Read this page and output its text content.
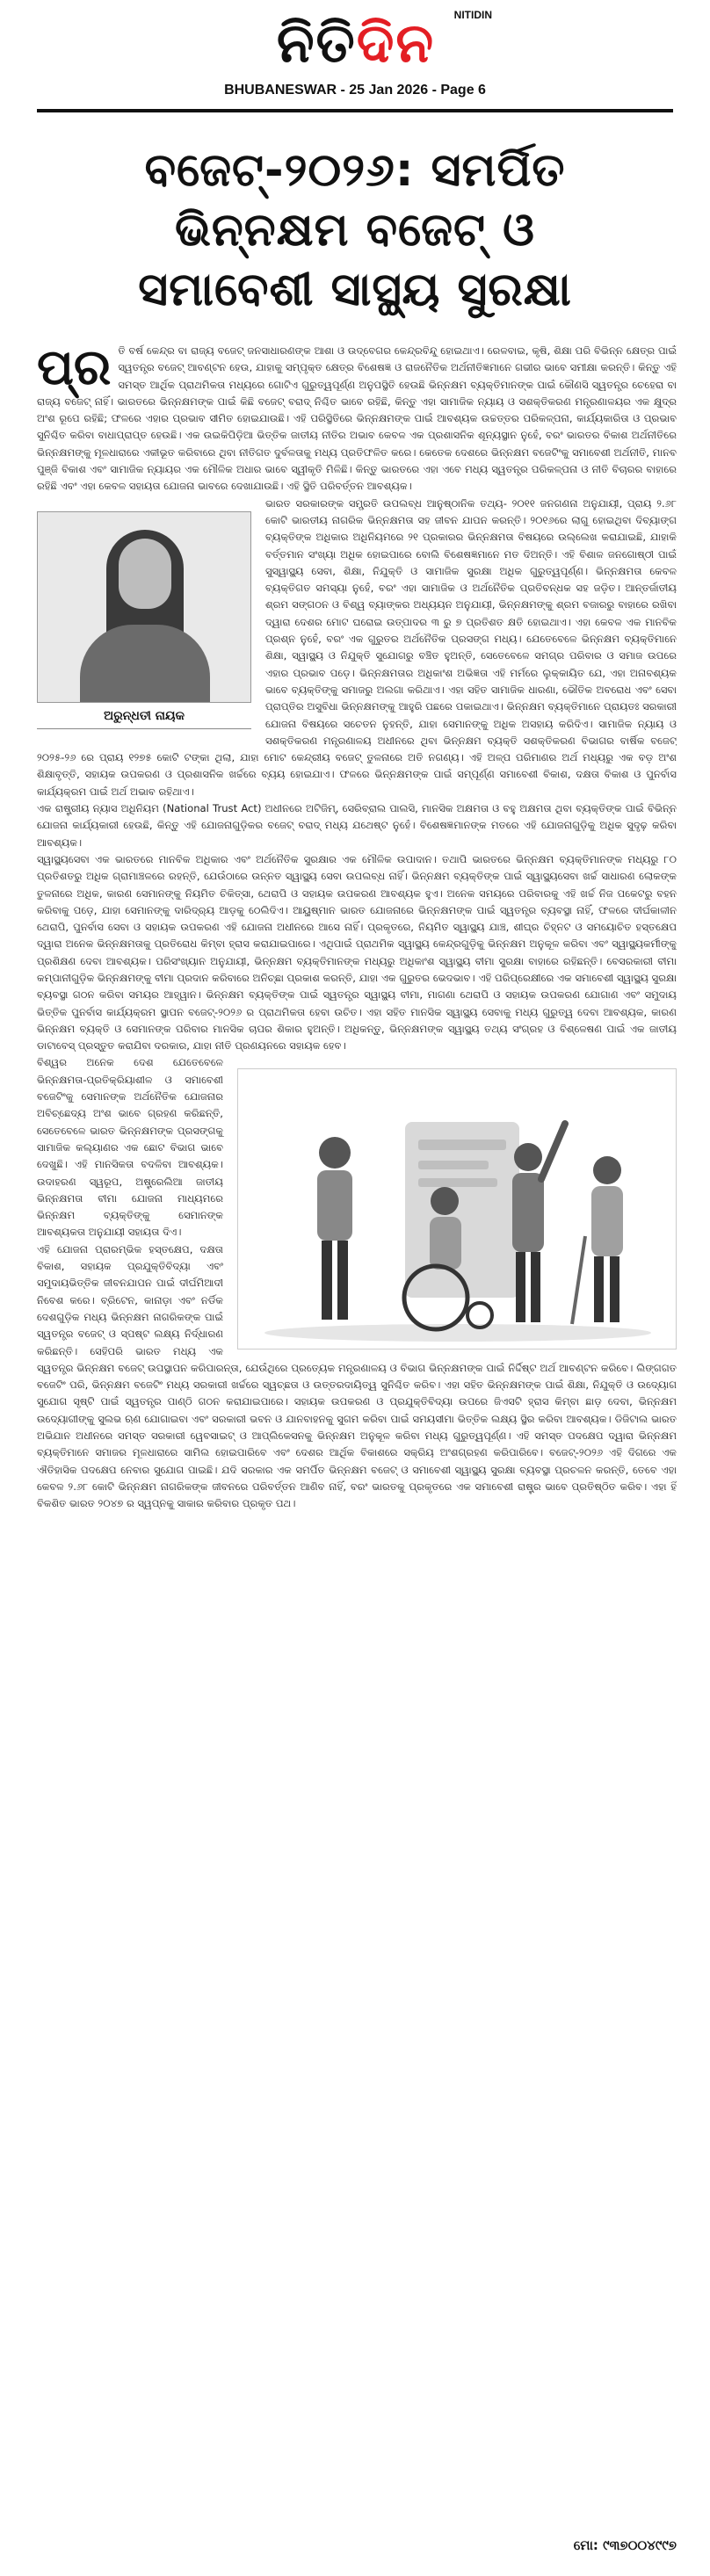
ନିତିଦିନ	NITIDIN
BHUBANESWAR - 25 Jan 2026 - Page 6
ବଜେଟ୍-୨୦୨୬: ସମର୍ପିତ
ଭିନ୍ନକ୍ଷମ ବଜେଟ୍ ଓ
ସମାବେଶୀ ସାସ୍ଥ୍ୟ ସୁରକ୍ଷା
ପ୍ର ତି ବର୍ଷ କେନ୍ଦ୍ର ବା ରାଜ୍ୟ ବଜେଟ୍ ଜନସାଧାରଣଙ୍କ ଆଶା ଓ ଉଦ୍ବେଗର କେନ୍ଦ୍ରବିନ୍ଦୁ ହୋଇଥାଏ। ରେଳବାଇ, କୃଷି, ଶିକ୍ଷା ପରି ବିଭିନ୍ନ କ୍ଷେତ୍ର ପାଇଁ ସ୍ୱତନ୍ତ୍ର ବଜେଟ୍ ଆବଣ୍ଟନ ହେଉ, ଯାହାକୁ ସମ୍ପୃକ୍ତ କ୍ଷେତ୍ର ବିଶେଷଜ୍ଞ ଓ ରାଜନୈତିକ ଅର୍ଥନୀତିଜ୍ଞମାନେ ଗଭୀର ଭାବେ ସମୀକ୍ଷା କରନ୍ତି। କିନ୍ତୁ ଏହି ସମସ୍ତ ଆର୍ଥିକ ପ୍ରାଥମିକତା ମଧ୍ୟରେ ଗୋଟିଏ ଗୁରୁତ୍ୱପୂର୍ଣ୍ଣ ଅନୁପସ୍ଥିତି ହେଉଛି ଭିନ୍ନକ୍ଷମ ବ୍ୟକ୍ତିମାନଙ୍କ ପାଇଁ କୌଣସି ସ୍ୱତନ୍ତ୍ର ଚେହେରା ବା ରାଜ୍ୟ ବଜେଟ୍ ନାହିଁ। ଭାରତରେ ଭିନ୍ନକ୍ଷମଙ୍କ ପାଇଁ କିଛି ବଜେଟ୍ ବରାଦ୍ ନିଶ୍ଚିତ ଭାବେ ରହିଛି, କିନ୍ତୁ ଏହା ସାମାଜିକ ନ୍ୟାୟ ଓ ସଶକ୍ତିକରଣ ମନ୍ତ୍ରଣାଳୟର ଏକ କ୍ଷୁଦ୍ର ଅଂଶ ରୂପେ ରହିଛି; ଫଳରେ ଏହାର ପ୍ରଭାବ ସୀମିତ ହୋଇଯାଉଛି। ଏହି ପରିସ୍ଥିତିରେ ଭିନ୍ନକ୍ଷମଙ୍କ ପାଇଁ ଆବଶ୍ୟକ ଉଚ୍ଚତ୍ତର ପରିକଳ୍ପନା, କାର୍ଯ୍ୟକାରିତା ଓ ପ୍ରଭାବ ସୁନିଶ୍ଚିତ କରିବା ବାଧାପ୍ରାପ୍ତ ହେଉଛି। ଏକ ଉଇକିପିଡ଼ିଆ ଭିତ୍ତିକ ଜାତୀୟ ନୀତିର ଅଭାବ କେବଳ ଏକ ପ୍ରଶାସନିକ ଶୂନ୍ୟସ୍ଥାନ ନୁହେଁ, ବରଂ ଭାରତର ବିକାଶ ଅର୍ଥନୀତିରେ ଭିନ୍ନକ୍ଷମଙ୍କୁ ମୂଳଧାରାରେ ଏକୀଭୂତ କରିବାରେ ଥିବା ନୀତିଗତ ଦୁର୍ବଳତାକୁ ମଧ୍ୟ ପ୍ରତିଫଳିତ କରେ। କେତେକ ଦେଶରେ ଭିନ୍ନକ୍ଷମ ବଜେଟିଂକୁ ସମାବେଶୀ ଅର୍ଥନୀତି, ମାନବ ପୁଞ୍ଜି ବିକାଶ ଏବଂ ସାମାଜିକ ନ୍ୟାୟର ଏକ ମୌଳିକ ଅଧାର ଭାବେ ସ୍ୱୀକୃତି ମିଳିଛି। କିନ୍ତୁ ଭାରତରେ ଏହା ଏବେ ମଧ୍ୟ ସ୍ୱତନ୍ତ୍ର ପରିକଳ୍ପନା ଓ ନୀତି ବିଚାରର ବାହାରେ ରହିଛି ଏବଂ ଏହା କେବଳ ସହାୟତା ଯୋଜନା ଭାବରେ ଦେଖାଯାଉଛି। ଏହି ସ୍ଥିତି ପରିବର୍ତ୍ତନ ଆବଶ୍ୟକ।

ଅରୁନ୍ଧତୀ ନାୟକ

ଭାରତ ସରକାରଙ୍କ ସମ୍ପ୍ରତି ଉପଲବ୍ଧ ଆନୁଷ୍ଠାନିକ ତଥ୍ୟ- ୨୦୧୧ ଜନଗଣନା ଅନୁଯାୟୀ, ପ୍ରାୟ ୨.୬୮ କୋଟି ଭାରତୀୟ ନାଗରିକ ଭିନ୍ନକ୍ଷମତା ସହ ଜୀବନ ଯାପନ କରନ୍ତି। ୨୦୧୬ରେ ଲାଗୁ ହୋଇଥିବା ଦିବ୍ୟାଙ୍ଗ ବ୍ୟକ୍ତିଙ୍କ ଅଧିକାର ଅଧିନିୟମରେ ୨୧ ପ୍ରକାରର ଭିନ୍ନକ୍ଷମତା ବିଷୟରେ ଉଲ୍ଲେଖ କରାଯାଇଛି, ଯାହାକି ବର୍ତ୍ତମାନ ସଂଖ୍ୟା ଅଧିକ ହୋଇପାରେ ବୋଲି ବିଶେଷଜ୍ଞମାନେ ମତ ଦିଅନ୍ତି। ଏହି ବିଶାଳ ଜନଗୋଷ୍ଠୀ ପାଇଁ ସୁସ୍ୱାସ୍ଥ୍ୟ ସେବା, ଶିକ୍ଷା, ନିଯୁକ୍ତି ଓ ସାମାଜିକ ସୁରକ୍ଷା ଅଧିକ ଗୁରୁତ୍ୱପୂର୍ଣ୍ଣ। ଭିନ୍ନକ୍ଷମତା କେବଳ ବ୍ୟକ୍ତିଗତ ସମସ୍ୟା ନୁହେଁ, ବରଂ ଏହା ସାମାଜିକ ଓ ଅର୍ଥନୈତିକ ପ୍ରତିବନ୍ଧକ ସହ ଜଡ଼ିତ। ଆନ୍ତର୍ଜାତୀୟ ଶ୍ରମ ସଙ୍ଗଠନ ଓ ବିଶ୍ୱ ବ୍ୟାଙ୍କର ଅଧ୍ୟୟନ ଅନୁଯାୟୀ, ଭିନ୍ନକ୍ଷମଙ୍କୁ ଶ୍ରମ ବଜାରରୁ ବାହାରେ ରଖିବା ଦ୍ୱାରା ଦେଶର ମୋଟ ଘରୋଇ ଉତ୍ପାଦର ୩ ରୁ ୭ ପ୍ରତିଶତ କ୍ଷତି ହୋଇଥାଏ। ଏହା କେବଳ ଏକ ମାନବିକ ପ୍ରଶ୍ନ ନୁହେଁ, ବରଂ ଏକ ଗୁରୁତର ଅର୍ଥନୈତିକ ପ୍ରସଙ୍ଗ ମଧ୍ୟ। ଯେତେବେଳେ ଭିନ୍ନକ୍ଷମ ବ୍ୟକ୍ତିମାନେ ଶିକ୍ଷା, ସ୍ୱାସ୍ଥ୍ୟ ଓ ନିଯୁକ୍ତି ସୁଯୋଗରୁ ବଞ୍ଚିତ ହୁଅନ୍ତି, ସେତେବେଳେ ସମଗ୍ର ପରିବାର ଓ ସମାଜ ଉପରେ ଏହାର ପ୍ରଭାବ ପଡ଼େ। ଭିନ୍ନକ୍ଷମତାର ଅଧିକାଂଶ ଅଭିଜ୍ଞତା ଏହି ମର୍ମରେ ଲୁକ୍କାୟିତ ଯେ, ଏହା ଅନାବଶ୍ୟକ ଭାବେ ବ୍ୟକ୍ତିଙ୍କୁ ସମାଜରୁ ଅଲଗା କରିଥାଏ। ଏହା ସହିତ ସାମାଜିକ ଧାରଣା, ଭୌତିକ ଅବରୋଧ ଏବଂ ସେବା ପ୍ରାପ୍ତିର ଅସୁବିଧା ଭିନ୍ନକ୍ଷମଙ୍କୁ ଆହୁରି ପଛରେ ପକାଇଥାଏ। ଭିନ୍ନକ୍ଷମ ବ୍ୟକ୍ତିମାନେ ପ୍ରାୟତଃ ସରକାରୀ ଯୋଜନା ବିଷୟରେ ସଚେତନ ନୁହନ୍ତି, ଯାହା ସେମାନଙ୍କୁ ଅଧିକ ଅସହାୟ କରିଦିଏ। ସାମାଜିକ ନ୍ୟାୟ ଓ ସଶକ୍ତିକରଣ ମନ୍ତ୍ରଣାଳୟ ଅଧୀନରେ ଥିବା ଭିନ୍ନକ୍ଷମ ବ୍ୟକ୍ତି ସଶକ୍ତିକରଣ ବିଭାଗର ବାର୍ଷିକ ବଜେଟ୍ ୨୦୨୫-୨୬ ରେ ପ୍ରାୟ ୧୨୭୫ କୋଟି ଟଙ୍କା ଥିଲା, ଯାହା ମୋଟ କେନ୍ଦ୍ରୀୟ ବଜେଟ୍ ତୁଳନାରେ ଅତି ନଗଣ୍ୟ। ଏହି ଅଳ୍ପ ପରିମାଣର ଅର୍ଥ ମଧ୍ୟରୁ ଏକ ବଡ଼ ଅଂଶ ଶିକ୍ଷାବୃତ୍ତି, ସହାୟକ ଉପକରଣ ଓ ପ୍ରଶାସନିକ ଖର୍ଚ୍ଚରେ ବ୍ୟୟ ହୋଇଯାଏ। ଫଳରେ ଭିନ୍ନକ୍ଷମଙ୍କ ପାଇଁ ସମ୍ପୂର୍ଣ୍ଣ ସମାବେଶୀ ବିକାଶ, ଦକ୍ଷତା ବିକାଶ ଓ ପୁନର୍ବାସ କାର୍ଯ୍ୟକ୍ରମ ପାଇଁ ଅର୍ଥ ଅଭାବ ରହିଥାଏ।

ଏକ ରାଷ୍ଟ୍ରୀୟ ନ୍ୟାସ ଅଧିନିୟମ (National Trust Act) ଅଧୀନରେ ଅଟିଜିମ୍, ସେରିବ୍ରାଲ ପାଲସି, ମାନସିକ ଅକ୍ଷମତା ଓ ବହୁ ଅକ୍ଷମତା ଥିବା ବ୍ୟକ୍ତିଙ୍କ ପାଇଁ ବିଭିନ୍ନ ଯୋଜନା କାର୍ଯ୍ୟକାରୀ ହେଉଛି, କିନ୍ତୁ ଏହି ଯୋଜନାଗୁଡ଼ିକର ବଜେଟ୍ ବରାଦ୍ ମଧ୍ୟ ଯଥେଷ୍ଟ ନୁହେଁ। ବିଶେଷଜ୍ଞମାନଙ୍କ ମତରେ ଏହି ଯୋଜନାଗୁଡ଼ିକୁ ଅଧିକ ସୁଦୃଢ଼ କରିବା ଆବଶ୍ୟକ।

ସ୍ୱାସ୍ଥ୍ୟସେବା ଏକ ଭାରତରେ ମାନବିକ ଅଧିକାର ଏବଂ ଅର୍ଥନୈତିକ ସୁରକ୍ଷାର ଏକ ମୌଳିକ ଉପାଦାନ। ତଥାପି ଭାରତରେ ଭିନ୍ନକ୍ଷମ ବ୍ୟକ୍ତିମାନଙ୍କ ମଧ୍ୟରୁ ୮୦ ପ୍ରତିଶତରୁ ଅଧିକ ଗ୍ରାମାଞ୍ଚଳରେ ରହନ୍ତି, ଯେଉଁଠାରେ ଉନ୍ନତ ସ୍ୱାସ୍ଥ୍ୟ ସେବା ଉପଲବ୍ଧ ନାହିଁ। ଭିନ୍ନକ୍ଷମ ବ୍ୟକ୍ତିଙ୍କ ପାଇଁ ସ୍ୱାସ୍ଥ୍ୟସେବା ଖର୍ଚ୍ଚ ସାଧାରଣ ଲୋକଙ୍କ ତୁଳନାରେ ଅଧିକ, କାରଣ ସେମାନଙ୍କୁ ନିୟମିତ ଚିକିତ୍ସା, ଥେରାପି ଓ ସହାୟକ ଉପକରଣ ଆବଶ୍ୟକ ହୁଏ। ଅନେକ ସମୟରେ ପରିବାରକୁ ଏହି ଖର୍ଚ୍ଚ ନିଜ ପକେଟରୁ ବହନ କରିବାକୁ ପଡ଼େ, ଯାହା ସେମାନଙ୍କୁ ଦାରିଦ୍ର୍ୟ ଆଡ଼କୁ ଠେଲିଦିଏ। ଆୟୁଷ୍ମାନ ଭାରତ ଯୋଜନାରେ ଭିନ୍ନକ୍ଷମଙ୍କ ପାଇଁ ସ୍ୱତନ୍ତ୍ର ବ୍ୟବସ୍ଥା ନାହିଁ, ଫଳରେ ଦୀର୍ଘକାଳୀନ ଥେରାପି, ପୁନର୍ବାସ ସେବା ଓ ସହାୟକ ଉପକରଣ ଏହି ଯୋଜନା ଅଧୀନରେ ଆସେ ନାହିଁ। ପ୍ରକୃତରେ, ନିୟମିତ ସ୍ୱାସ୍ଥ୍ୟ ଯାଞ୍ଚ, ଶୀଘ୍ର ଚିହ୍ନଟ ଓ ସମୟୋଚିତ ହସ୍ତକ୍ଷେପ ଦ୍ୱାରା ଅନେକ ଭିନ୍ନକ୍ଷମତାକୁ ପ୍ରତିରୋଧ କିମ୍ବା ହ୍ରାସ କରାଯାଇପାରେ। ଏଥିପାଇଁ ପ୍ରାଥମିକ ସ୍ୱାସ୍ଥ୍ୟ କେନ୍ଦ୍ରଗୁଡ଼ିକୁ ଭିନ୍ନକ୍ଷମ ଅନୁକୂଳ କରିବା ଏବଂ ସ୍ୱାସ୍ଥ୍ୟକର୍ମୀଙ୍କୁ ପ୍ରଶିକ୍ଷଣ ଦେବା ଆବଶ୍ୟକ। ପରିସଂଖ୍ୟାନ ଅନୁଯାୟୀ, ଭିନ୍ନକ୍ଷମ ବ୍ୟକ୍ତିମାନଙ୍କ ମଧ୍ୟରୁ ଅଧିକାଂଶ ସ୍ୱାସ୍ଥ୍ୟ ବୀମା ସୁରକ୍ଷା ବାହାରେ ରହିଛନ୍ତି। ବେସରକାରୀ ବୀମା କମ୍ପାନୀଗୁଡ଼ିକ ଭିନ୍ନକ୍ଷମଙ୍କୁ ବୀମା ପ୍ରଦାନ କରିବାରେ ଅନିଚ୍ଛା ପ୍ରକାଶ କରନ୍ତି, ଯାହା ଏକ ଗୁରୁତର ଭେଦଭାବ। ଏହି ପରିପ୍ରେକ୍ଷୀରେ ଏକ ସମାବେଶୀ ସ୍ୱାସ୍ଥ୍ୟ ସୁରକ୍ଷା ବ୍ୟବସ୍ଥା ଗଠନ କରିବା ସମୟର ଆହ୍ୱାନ। ଭିନ୍ନକ୍ଷମ ବ୍ୟକ୍ତିଙ୍କ ପାଇଁ ସ୍ୱତନ୍ତ୍ର ସ୍ୱାସ୍ଥ୍ୟ ବୀମା, ମାଗଣା ଥେରାପି ଓ ସହାୟକ ଉପକରଣ ଯୋଗାଣ ଏବଂ ସମୁଦାୟ ଭିତ୍ତିକ ପୁନର୍ବାସ କାର୍ଯ୍ୟକ୍ରମ ସ୍ଥାପନ ବଜେଟ୍-୨୦୨୬ ର ପ୍ରାଥମିକତା ହେବା ଉଚିତ। ଏହା ସହିତ ମାନସିକ ସ୍ୱାସ୍ଥ୍ୟ ସେବାକୁ ମଧ୍ୟ ଗୁରୁତ୍ୱ ଦେବା ଆବଶ୍ୟକ, କାରଣ ଭିନ୍ନକ୍ଷମ ବ୍ୟକ୍ତି ଓ ସେମାନଙ୍କ ପରିବାର ମାନସିକ ଚାପର ଶିକାର ହୁଅନ୍ତି। ଅଧିକନ୍ତୁ, ଭିନ୍ନକ୍ଷମଙ୍କ ସ୍ୱାସ୍ଥ୍ୟ ତଥ୍ୟ ସଂଗ୍ରହ ଓ ବିଶ୍ଳେଷଣ ପାଇଁ ଏକ ଜାତୀୟ ଡାଟାବେସ୍ ପ୍ରସ୍ତୁତ କରାଯିବା ଦରକାର, ଯାହା ନୀତି ପ୍ରଣୟନରେ ସହାୟକ ହେବ।

ବିଶ୍ୱର ଅନେକ ଦେଶ ଯେତେବେଳେ ଭିନ୍ନକ୍ଷମତା-ପ୍ରତିକ୍ରିୟାଶୀଳ ଓ ସମାବେଶୀ ବଜେଟିଂକୁ ସେମାନଙ୍କ ଅର୍ଥନୈତିକ ଯୋଜନାର ଅବିଚ୍ଛେଦ୍ୟ ଅଂଶ ଭାବେ ଗ୍ରହଣ କରିଛନ୍ତି, ସେତେବେଳେ ଭାରତ ଭିନ୍ନକ୍ଷମଙ୍କ ପ୍ରସଙ୍ଗକୁ ସାମାଜିକ କଲ୍ୟାଣର ଏକ ଛୋଟ ବିଭାଗ ଭାବେ ଦେଖୁଛି। ଏହି ମାନସିକତା ବଦଳିବା ଆବଶ୍ୟକ। ଉଦାହରଣ ସ୍ୱରୂପ, ଅଷ୍ଟ୍ରେଲିଆ ଜାତୀୟ ଭିନ୍ନକ୍ଷମତା ବୀମା ଯୋଜନା ମାଧ୍ୟମରେ ଭିନ୍ନକ୍ଷମ ବ୍ୟକ୍ତିଙ୍କୁ ସେମାନଙ୍କ ଆବଶ୍ୟକତା ଅନୁଯାୟୀ ସହାୟତା ଦିଏ।

ଏହି ଯୋଜନା ପ୍ରାରମ୍ଭିକ ହସ୍ତକ୍ଷେପ, ଦକ୍ଷତା ବିକାଶ, ସହାୟକ ପ୍ରଯୁକ୍ତିବିଦ୍ୟା ଏବଂ ସମୁଦାୟଭିତ୍ତିକ ଜୀବନଯାପନ ପାଇଁ ଦୀର୍ଘମିଆଦୀ ନିବେଶ କରେ। ବ୍ରିଟେନ, କାନାଡ଼ା ଏବଂ ନର୍ଡିକ ଦେଶଗୁଡ଼ିକ ମଧ୍ୟ ଭିନ୍ନକ୍ଷମ ନାଗରିକଙ୍କ ପାଇଁ ସ୍ୱତନ୍ତ୍ର ବଜେଟ୍ ଓ ସ୍ପଷ୍ଟ ଲକ୍ଷ୍ୟ ନିର୍ଦ୍ଧାରଣ କରିଛନ୍ତି। ସେହିପରି ଭାରତ ମଧ୍ୟ ଏକ ସ୍ୱତନ୍ତ୍ର ଭିନ୍ନକ୍ଷମ ବଜେଟ୍ ଉପସ୍ଥାପନ କରିପାରନ୍ତା, ଯେଉଁଥିରେ ପ୍ରତ୍ୟେକ ମନ୍ତ୍ରଣାଳୟ ଓ ବିଭାଗ ଭିନ୍ନକ୍ଷମଙ୍କ ପାଇଁ ନିର୍ଦ୍ଦିଷ୍ଟ ଅର୍ଥ ଆବଣ୍ଟନ କରିବେ। ଲିଙ୍ଗଗତ ବଜେଟିଂ ପରି, ଭିନ୍ନକ୍ଷମ ବଜେଟିଂ ମଧ୍ୟ ସରକାରୀ ଖର୍ଚ୍ଚରେ ସ୍ୱଚ୍ଛତା ଓ ଉତ୍ତରଦାୟିତ୍ୱ ସୁନିଶ୍ଚିତ କରିବ। ଏହା ସହିତ ଭିନ୍ନକ୍ଷମଙ୍କ ପାଇଁ ଶିକ୍ଷା, ନିଯୁକ୍ତି ଓ ଉଦ୍ୟୋଗ ସୁଯୋଗ ସୃଷ୍ଟି ପାଇଁ ସ୍ୱତନ୍ତ୍ର ପାଣ୍ଠି ଗଠନ କରାଯାଇପାରେ। ସହାୟକ ଉପକରଣ ଓ ପ୍ରଯୁକ୍ତିବିଦ୍ୟା ଉପରେ ଜିଏସଟି ହ୍ରାସ କିମ୍ବା ଛାଡ଼ ଦେବା, ଭିନ୍ନକ୍ଷମ ଉଦ୍ୟୋଗୀଙ୍କୁ ସୁଲଭ ଋଣ ଯୋଗାଇବା ଏବଂ ସରକାରୀ ଭବନ ଓ ଯାନବାହନକୁ ସୁଗମ କରିବା ପାଇଁ ସମୟସୀମା ଭିତ୍ତିକ ଲକ୍ଷ୍ୟ ସ୍ଥିର କରିବା ଆବଶ୍ୟକ। ଡିଜିଟାଲ ଭାରତ ଅଭିଯାନ ଅଧୀନରେ ସମସ୍ତ ସରକାରୀ ୱେବସାଇଟ୍ ଓ ଆପ୍ଲିକେସନକୁ ଭିନ୍ନକ୍ଷମ ଅନୁକୂଳ କରିବା ମଧ୍ୟ ଗୁରୁତ୍ୱପୂର୍ଣ୍ଣ। ଏହି ସମସ୍ତ ପଦକ୍ଷେପ ଦ୍ୱାରା ଭିନ୍ନକ୍ଷମ ବ୍ୟକ୍ତିମାନେ ସମାଜର ମୂଳଧାରାରେ ସାମିଲ ହୋଇପାରିବେ ଏବଂ ଦେଶର ଆର୍ଥିକ ବିକାଶରେ ସକ୍ରିୟ ଅଂଶଗ୍ରହଣ କରିପାରିବେ। ବଜେଟ୍-୨୦୨୬ ଏହି ଦିଗରେ ଏକ ଐତିହାସିକ ପଦକ୍ଷେପ ନେବାର ସୁଯୋଗ ପାଇଛି। ଯଦି ସରକାର ଏକ ସମର୍ପିତ ଭିନ୍ନକ୍ଷମ ବଜେଟ୍ ଓ ସମାବେଶୀ ସ୍ୱାସ୍ଥ୍ୟ ସୁରକ୍ଷା ବ୍ୟବସ୍ଥା ପ୍ରଚଳନ କରନ୍ତି, ତେବେ ଏହା କେବଳ ୨.୬୮ କୋଟି ଭିନ୍ନକ୍ଷମ ନାଗରିକଙ୍କ ଜୀବନରେ ପରିବର୍ତ୍ତନ ଆଣିବ ନାହିଁ, ବରଂ ଭାରତକୁ ପ୍ରକୃତରେ ଏକ ସମାବେଶୀ ରାଷ୍ଟ୍ର ଭାବେ ପ୍ରତିଷ୍ଠିତ କରିବ। ଏହା ହିଁ ବିକଶିତ ଭାରତ ୨୦୪୭ ର ସ୍ୱପ୍ନକୁ ସାକାର କରିବାର ପ୍ରକୃତ ପଥ।

ମୋ: ୯୩୭୦୦୪୯୯୭
